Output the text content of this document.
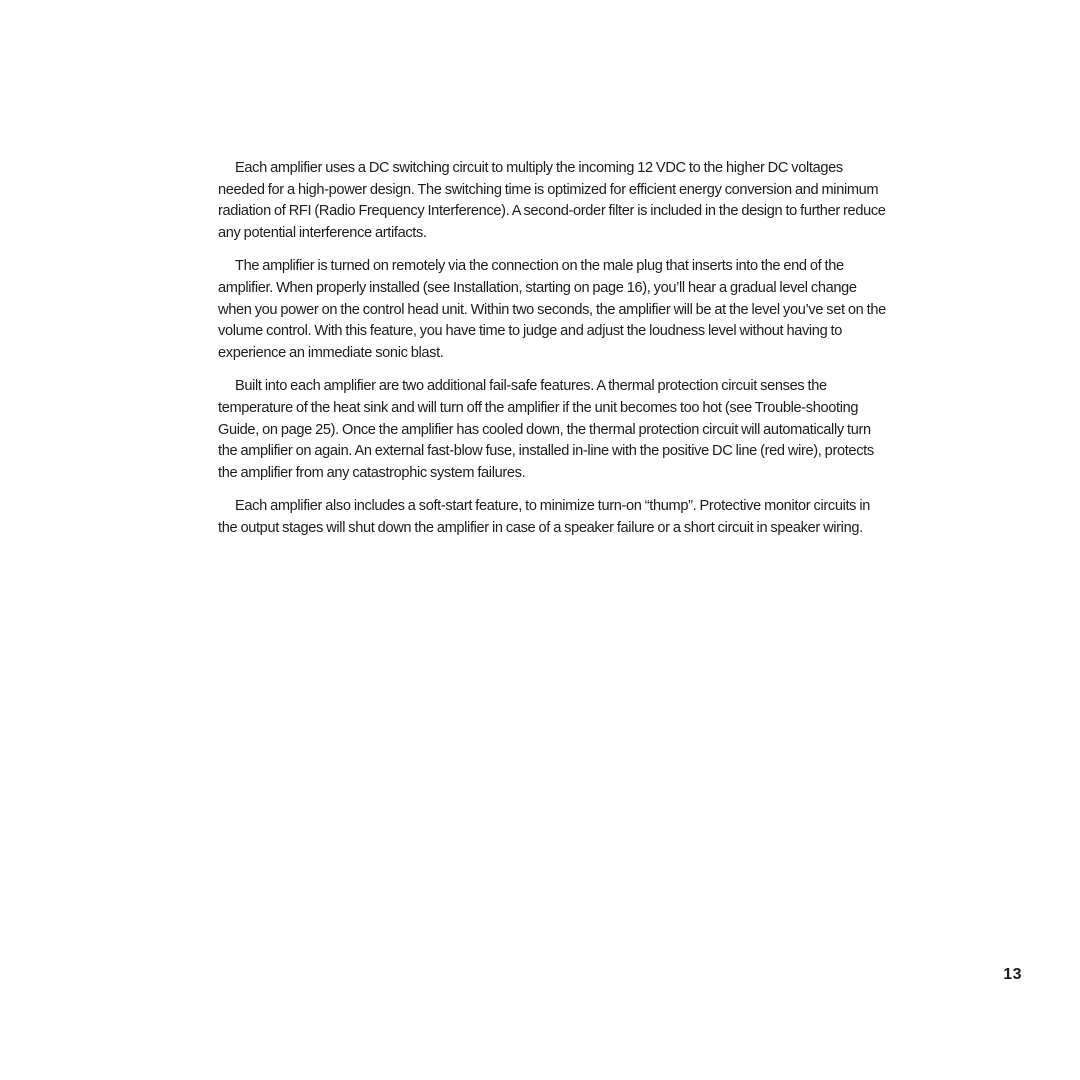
Each amplifier uses a DC switching circuit to multiply the incoming 12 VDC to the higher DC voltages needed for a high-power design. The switching time is optimized for efficient energy conversion and minimum radiation of RFI (Radio Frequency Interference). A second-order filter is included in the design to further reduce any potential interference artifacts.

The amplifier is turned on remotely via the connection on the male plug that inserts into the end of the amplifier. When properly installed (see Installation, starting on page 16), you’ll hear a gradual level change when you power on the control head unit. Within two seconds, the amplifier will be at the level you’ve set on the volume control. With this feature, you have time to judge and adjust the loudness level without having to experience an immediate sonic blast.

Built into each amplifier are two additional fail-safe features. A thermal protection circuit senses the temperature of the heat sink and will turn off the amplifier if the unit becomes too hot (see Trouble-shooting Guide, on page 25). Once the amplifier has cooled down, the thermal protection circuit will automatically turn the amplifier on again. An external fast-blow fuse, installed in-line with the positive DC line (red wire), protects the amplifier from any catastrophic system failures.

Each amplifier also includes a soft-start feature, to minimize turn-on “thump”. Protective monitor circuits in the output stages will shut down the amplifier in case of a speaker failure or a short circuit in speaker wiring.

13
